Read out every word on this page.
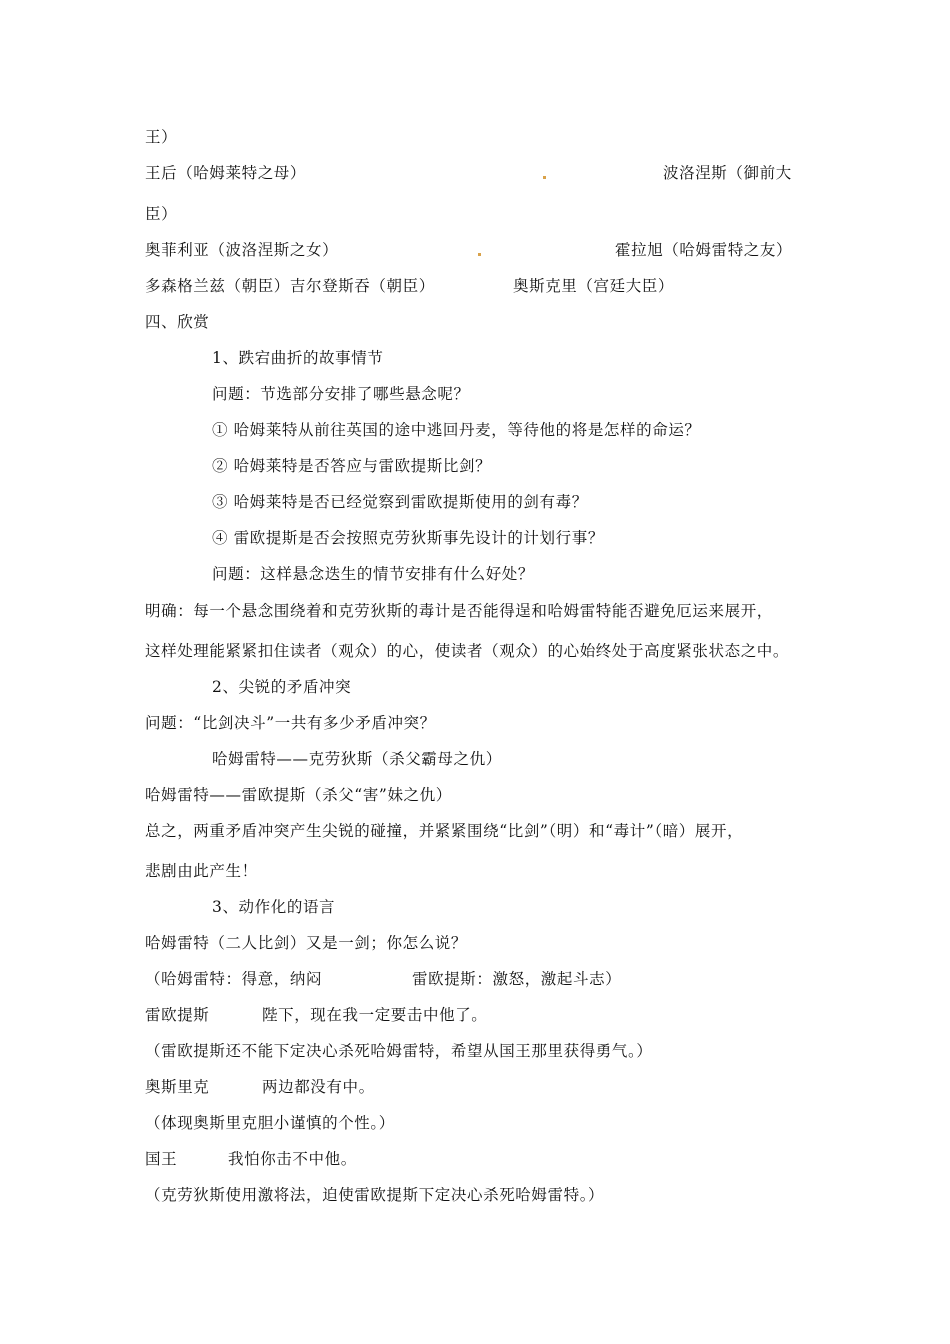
王）
王后（哈姆莱特之母）	波洛涅斯（御前大
臣）
奥菲利亚（波洛涅斯之女）	霍拉旭（哈姆雷特之友）
多森格兰兹（朝臣）吉尔登斯吞（朝臣）	奥斯克里（宫廷大臣）
四、欣赏
1、跌宕曲折的故事情节
问题：节选部分安排了哪些悬念呢？
① 哈姆莱特从前往英国的途中逃回丹麦，等待他的将是怎样的命运？
② 哈姆莱特是否答应与雷欧提斯比剑？
③ 哈姆莱特是否已经觉察到雷欧提斯使用的剑有毒？
④ 雷欧提斯是否会按照克劳狄斯事先设计的计划行事？
问题：这样悬念迭生的情节安排有什么好处？
明确：每一个悬念围绕着和克劳狄斯的毒计是否能得逞和哈姆雷特能否避免厄运来展开，
这样处理能紧紧扣住读者（观众）的心，使读者（观众）的心始终处于高度紧张状态之中。
2、尖锐的矛盾冲突
问题：“比剑决斗”一共有多少矛盾冲突？
哈姆雷特——克劳狄斯（杀父霸母之仇）
哈姆雷特——雷欧提斯（杀父“害”妹之仇）
总之，两重矛盾冲突产生尖锐的碰撞，并紧紧围绕“比剑”（明）和“毒计”（暗）展开，
悲剧由此产生！
3、动作化的语言
哈姆雷特（二人比剑）又是一剑；你怎么说？
（哈姆雷特：得意，纳闷	雷欧提斯：激怒，激起斗志）
雷欧提斯	陛下，现在我一定要击中他了。
（雷欧提斯还不能下定决心杀死哈姆雷特，希望从国王那里获得勇气。）
奥斯里克	两边都没有中。
（体现奥斯里克胆小谨慎的个性。）
国王	我怕你击不中他。
（克劳狄斯使用激将法，迫使雷欧提斯下定决心杀死哈姆雷特。）
